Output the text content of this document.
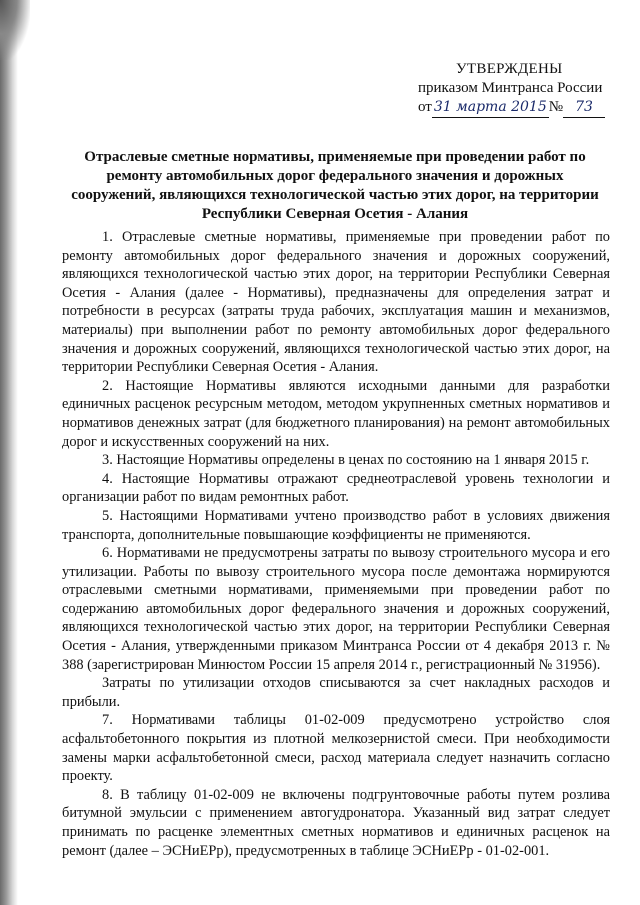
УТВЕРЖДЕНЫ
приказом Минтранса России
от 31 марта 2015 № 73
Отраслевые сметные нормативы, применяемые при проведении работ по ремонту автомобильных дорог федерального значения и дорожных сооружений, являющихся технологической частью этих дорог, на территории Республики Северная Осетия - Алания

1. Отраслевые сметные нормативы, применяемые при проведении работ по ремонту автомобильных дорог федерального значения и дорожных сооружений, являющихся технологической частью этих дорог, на территории Республики Северная Осетия - Алания (далее - Нормативы), предназначены для определения затрат и потребности в ресурсах (затраты труда рабочих, эксплуатация машин и механизмов, материалы) при выполнении работ по ремонту автомобильных дорог федерального значения и дорожных сооружений, являющихся технологической частью этих дорог, на территории Республики Северная Осетия - Алания.

2. Настоящие Нормативы являются исходными данными для разработки единичных расценок ресурсным методом, методом укрупненных сметных нормативов и нормативов денежных затрат (для бюджетного планирования) на ремонт автомобильных дорог и искусственных сооружений на них.

3. Настоящие Нормативы определены в ценах по состоянию на 1 января 2015 г.

4. Настоящие Нормативы отражают среднеотраслевой уровень технологии и организации работ по видам ремонтных работ.

5. Настоящими Нормативами учтено производство работ в условиях движения транспорта, дополнительные повышающие коэффициенты не применяются.

6. Нормативами не предусмотрены затраты по вывозу строительного мусора и его утилизации. Работы по вывозу строительного мусора после демонтажа нормируются отраслевыми сметными нормативами, применяемыми при проведении работ по содержанию автомобильных дорог федерального значения и дорожных сооружений, являющихся технологической частью этих дорог, на территории Республики Северная Осетия - Алания, утвержденными приказом Минтранса России от 4 декабря 2013 г. № 388 (зарегистрирован Минюстом России 15 апреля 2014 г., регистрационный № 31956).

Затраты по утилизации отходов списываются за счет накладных расходов и прибыли.

7. Нормативами таблицы 01-02-009 предусмотрено устройство слоя асфальтобетонного покрытия из плотной мелкозернистой смеси. При необходимости замены марки асфальтобетонной смеси, расход материала следует назначить согласно проекту.

8. В таблицу 01-02-009 не включены подгрунтовочные работы путем розлива битумной эмульсии с применением автогудронатора. Указанный вид затрат следует принимать по расценке элементных сметных нормативов и единичных расценок на ремонт (далее – ЭСНиЕРр), предусмотренных в таблице ЭСНиЕРр - 01-02-001.
